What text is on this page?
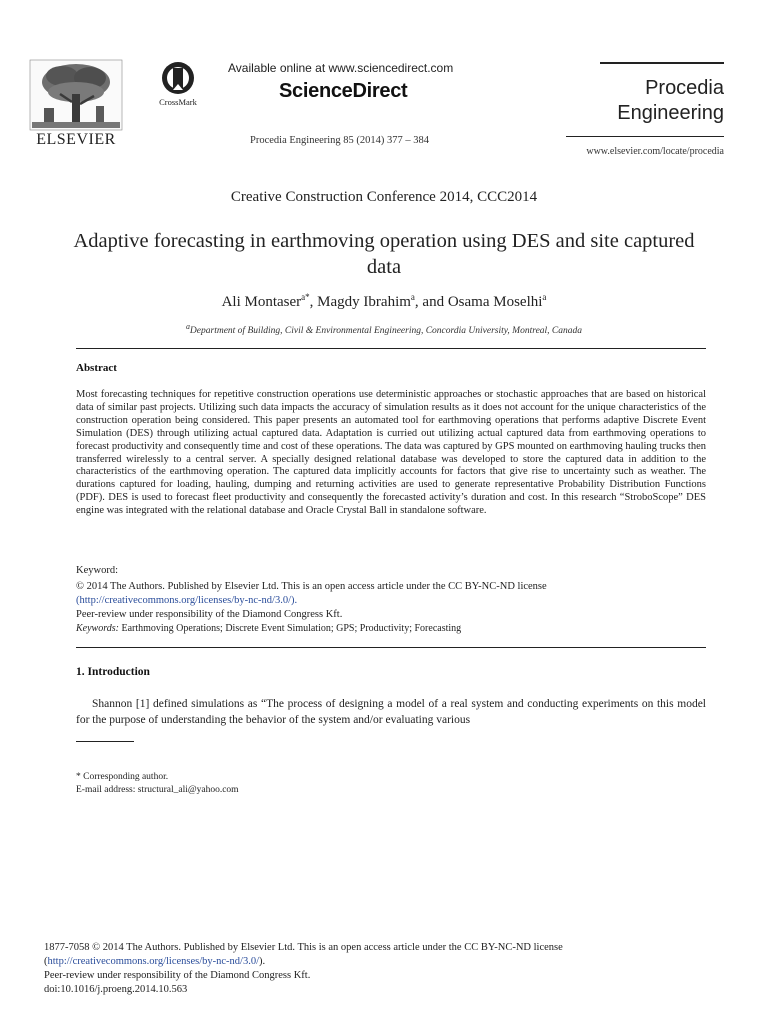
ELSEVIER
CrossMark
Available online at www.sciencedirect.com
ScienceDirect
Procedia Engineering 85 (2014) 377 – 384
Procedia
Engineering
www.elsevier.com/locate/procedia
Creative Construction Conference 2014, CCC2014
Adaptive forecasting in earthmoving operation using DES and site captured data
Ali Montaser$^{a*}$, Magdy Ibrahim$^a$, and Osama Moselhi$^a$
$^a$Department of Building, Civil & Environmental Engineering, Concordia University, Montreal, Canada
Abstract
Most forecasting techniques for repetitive construction operations use deterministic approaches or stochastic approaches that are based on historical data of similar past projects. Utilizing such data impacts the accuracy of simulation results as it does not account for the unique characteristics of the construction operation being considered. This paper presents an automated tool for earthmoving operations that performs adaptive Discrete Event Simulation (DES) through utilizing actual captured data. Adaptation is curried out utilizing actual captured data from earthmoving operations to forecast productivity and consequently time and cost of these operations. The data was captured by GPS mounted on earthmoving hauling trucks then transferred wirelessly to a central server. A specially designed relational database was developed to store the captured data in addition to the characteristics of the earthmoving operation. The captured data implicitly accounts for factors that give rise to uncertainty such as weather. The durations captured for loading, hauling, dumping and returning activities are used to generate representative Probability Distribution Functions (PDF). DES is used to forecast fleet productivity and consequently the forecasted activity’s duration and cost. In this research “StroboScope” DES engine was integrated with the relational database and Oracle Crystal Ball in standalone software.
Keyword:
© 2014 The Authors. Published by Elsevier Ltd. This is an open access article under the CC BY-NC-ND license
(http://creativecommons.org/licenses/by-nc-nd/3.0/).
Peer-review under responsibility of the Diamond Congress Kft.
Keywords: Earthmoving Operations; Discrete Event Simulation; GPS; Productivity; Forecasting
1. Introduction
Shannon [1] defined simulations as “The process of designing a model of a real system and conducting experiments on this model for the purpose of understanding the behavior of the system and/or evaluating various
* Corresponding author.
E-mail address: structural_ali@yahoo.com
1877-7058 © 2014 The Authors. Published by Elsevier Ltd. This is an open access article under the CC BY-NC-ND license
(http://creativecommons.org/licenses/by-nc-nd/3.0/).
Peer-review under responsibility of the Diamond Congress Kft.
doi:10.1016/j.proeng.2014.10.563
